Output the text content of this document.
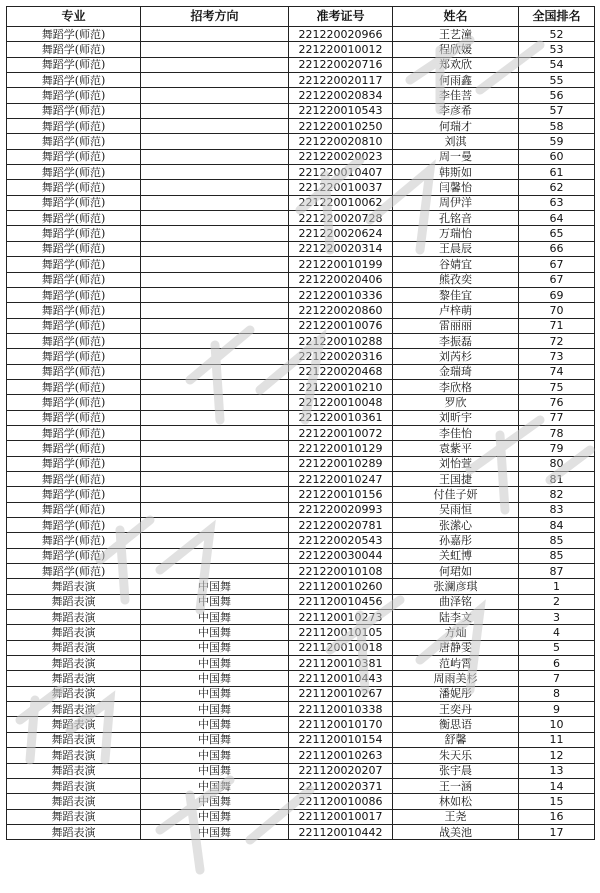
专业	招考方向	准考证号	姓名	全国排名
舞蹈学(师范)		221220020966	王艺潼	52
舞蹈学(师范)		221220010012	程欣媛	53
舞蹈学(师范)		221220020716	郑欢欣	54
舞蹈学(师范)		221220020117	何雨鑫	55
舞蹈学(师范)		221220020834	李佳菩	56
舞蹈学(师范)		221220010543	李彦希	57
舞蹈学(师范)		221220010250	何瑞才	58
舞蹈学(师范)		221220020810	刘淇	59
舞蹈学(师范)		221220020023	周一曼	60
舞蹈学(师范)		221220010407	韩斯如	61
舞蹈学(师范)		221220010037	闫馨怡	62
舞蹈学(师范)		221220010062	周伊洋	63
舞蹈学(师范)		221220020728	孔铭音	64
舞蹈学(师范)		221220020624	万瑞怡	65
舞蹈学(师范)		221220020314	王晨辰	66
舞蹈学(师范)		221220010199	谷婧宜	67
舞蹈学(师范)		221220020406	熊孜奕	67
舞蹈学(师范)		221220010336	黎佳宜	69
舞蹈学(师范)		221220020860	卢梓萌	70
舞蹈学(师范)		221220010076	雷丽丽	71
舞蹈学(师范)		221220010288	李振磊	72
舞蹈学(师范)		221220020316	刘芮杉	73
舞蹈学(师范)		221220020468	金瑞琦	74
舞蹈学(师范)		221220010210	李欣格	75
舞蹈学(师范)		221220010048	罗欣	76
舞蹈学(师范)		221220010361	刘昕宇	77
舞蹈学(师范)		221220010072	李佳怡	78
舞蹈学(师范)		221220010129	袁紫平	79
舞蹈学(师范)		221220010289	刘怡萱	80
舞蹈学(师范)		221220010247	王国捷	81
舞蹈学(师范)		221220010156	付佳子妍	82
舞蹈学(师范)		221220020993	吴雨恒	83
舞蹈学(师范)		221220020781	张潆心	84
舞蹈学(师范)		221220020543	孙嘉彤	85
舞蹈学(师范)		221220030044	关虹博	85
舞蹈学(师范)		221220010108	何珺如	87
舞蹈表演	中国舞	221120010260	张澜彦琪	1
舞蹈表演	中国舞	221120010456	曲泽铭	2
舞蹈表演	中国舞	221120010273	陆李文	3
舞蹈表演	中国舞	221120010105	方灿	4
舞蹈表演	中国舞	221120010018	唐静雯	5
舞蹈表演	中国舞	221120010381	范屿霄	6
舞蹈表演	中国舞	221120010443	周雨美杉	7
舞蹈表演	中国舞	221120010267	潘妮彤	8
舞蹈表演	中国舞	221120010338	王奕丹	9
舞蹈表演	中国舞	221120010170	衡思语	10
舞蹈表演	中国舞	221120010154	舒馨	11
舞蹈表演	中国舞	221120010263	朱天乐	12
舞蹈表演	中国舞	221120020207	张宇晨	13
舞蹈表演	中国舞	221120020371	王一涵	14
舞蹈表演	中国舞	221120010086	林如松	15
舞蹈表演	中国舞	221120010017	王尧	16
舞蹈表演	中国舞	221120010442	战美池	17
